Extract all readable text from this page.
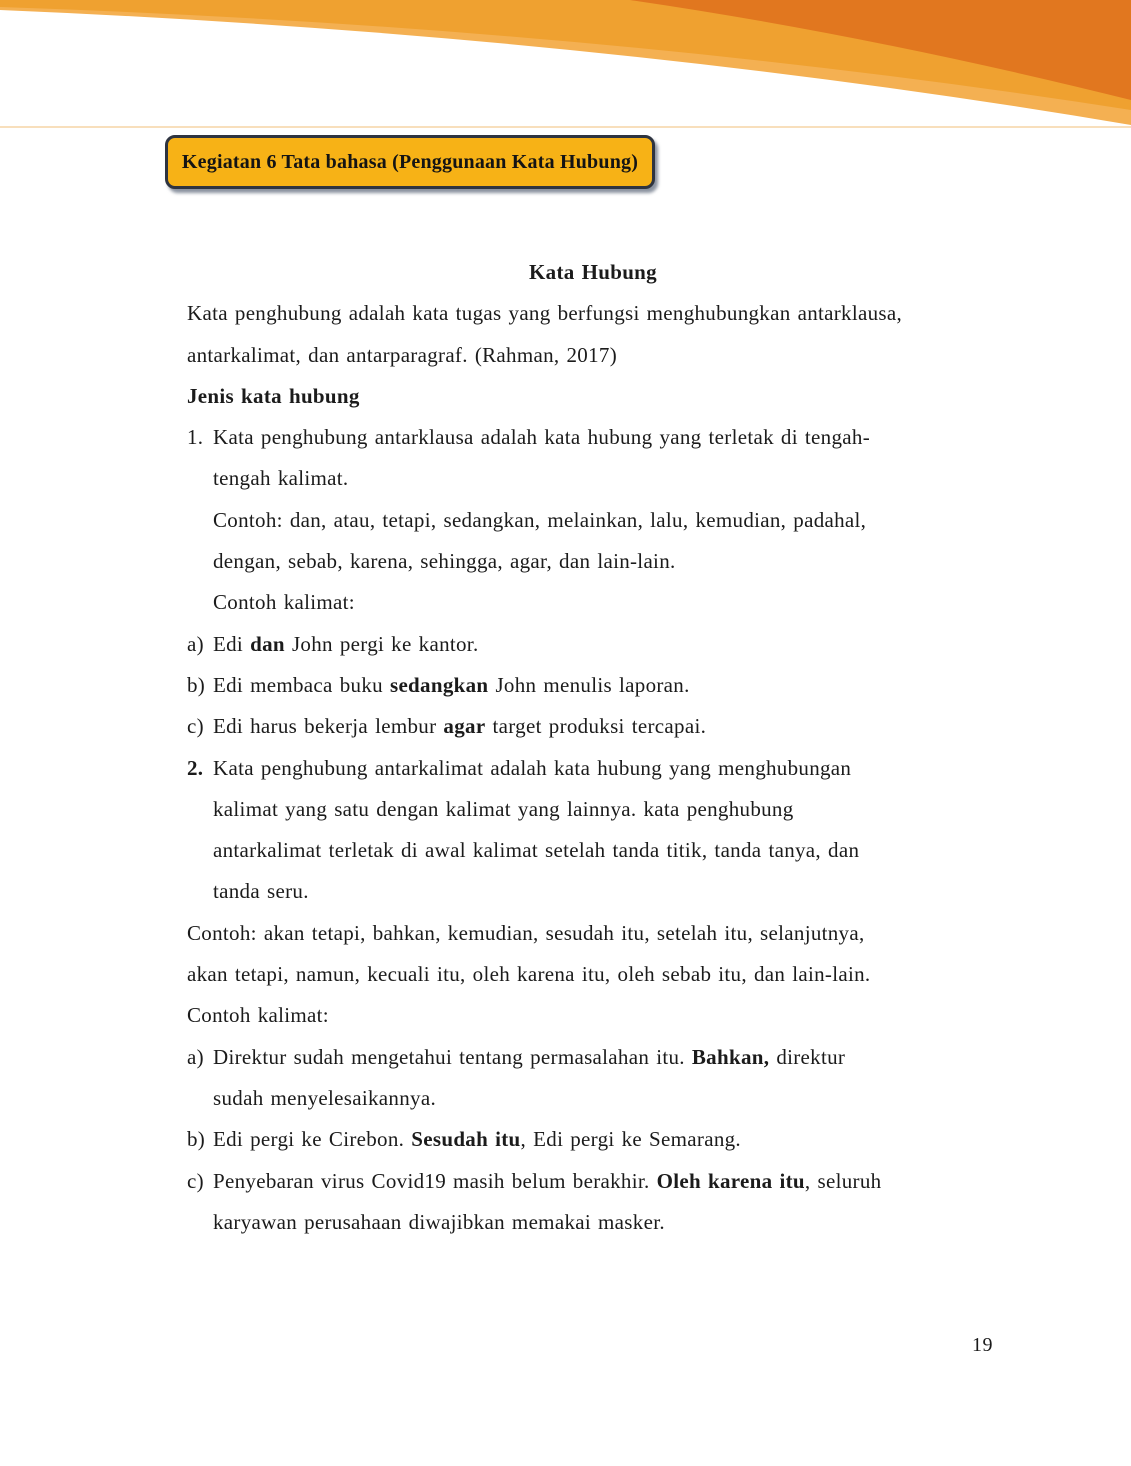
Kegiatan 6 Tata bahasa (Penggunaan Kata Hubung)
Kata Hubung
Kata penghubung adalah kata tugas yang berfungsi menghubungkan antarklausa,
antarkalimat, dan antarparagraf. (Rahman, 2017)
Jenis kata hubung
1. Kata penghubung antarklausa adalah kata hubung yang terletak di tengah-
tengah kalimat.
Contoh: dan, atau, tetapi, sedangkan, melainkan, lalu, kemudian, padahal,
dengan, sebab, karena, sehingga, agar, dan lain-lain.
Contoh kalimat:
a) Edi dan John pergi ke kantor.
b) Edi membaca buku sedangkan John menulis laporan.
c) Edi harus bekerja lembur agar target produksi tercapai.
2. Kata penghubung antarkalimat adalah kata hubung yang menghubungan
kalimat yang satu dengan kalimat yang lainnya. kata penghubung
antarkalimat terletak di awal kalimat setelah tanda titik, tanda tanya, dan
tanda seru.
Contoh: akan tetapi, bahkan, kemudian, sesudah itu, setelah itu, selanjutnya,
akan tetapi, namun, kecuali itu, oleh karena itu, oleh sebab itu, dan lain-lain.
Contoh kalimat:
a) Direktur sudah mengetahui tentang permasalahan itu. Bahkan, direktur
sudah menyelesaikannya.
b) Edi pergi ke Cirebon. Sesudah itu, Edi pergi ke Semarang.
c) Penyebaran virus Covid19 masih belum berakhir. Oleh karena itu, seluruh
karyawan perusahaan diwajibkan memakai masker.
19
